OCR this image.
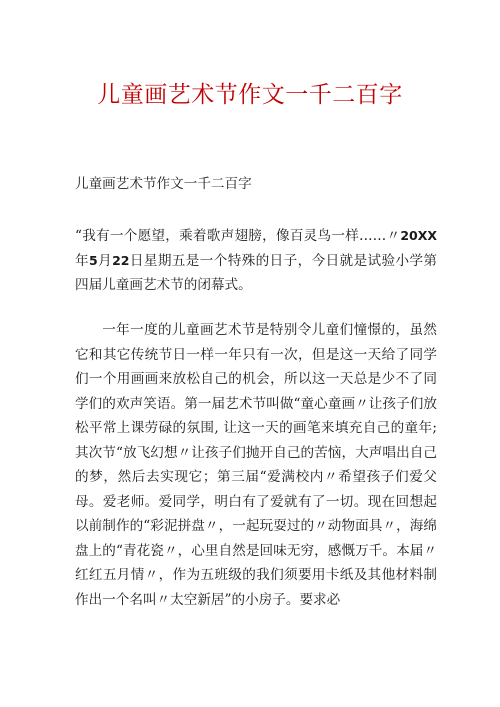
儿童画艺术节作文一千二百字

儿童画艺术节作文一千二百字

“我有一个愿望，乘着歌声翅膀，像百灵鸟一样……〃20XX年5月22日星期五是一个特殊的日子，今日就是试验小学第四届儿童画艺术节的闭幕式。

一年一度的儿童画艺术节是特别令儿童们憧憬的，虽然它和其它传统节日一样一年只有一次，但是这一天给了同学们一个用画画来放松自己的机会，所以这一天总是少不了同学们的欢声笑语。第一届艺术节叫做“童心童画〃让孩子们放松平常上课劳碌的氛围, 让这一天的画笔来填充自己的童年;其次节“放飞幻想〃让孩子们抛开自己的苦恼，大声唱出自己的梦，然后去实现它；第三届“爱满校内〃希望孩子们爱父母。爱老师。爱同学，明白有了爱就有了一切。现在回想起以前制作的“彩泥拼盘〃，一起玩耍过的〃动物面具〃，海绵盘上的“青花瓷〃，心里自然是回味无穷，感慨万千。本届〃红红五月情〃，作为五班级的我们须要用卡纸及其他材料制作出一个名叫〃太空新居”的小房子。要求必
